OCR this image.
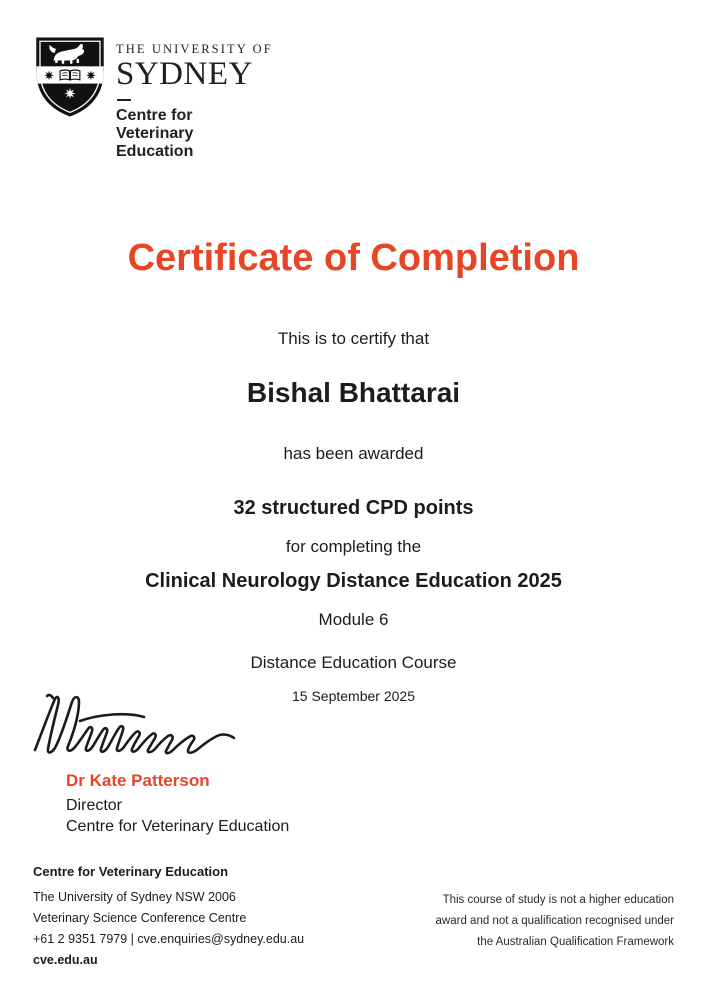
THE UNIVERSITY OF
SYDNEY
Centre for
Veterinary
Education
Certificate of Completion
This is to certify that
Bishal Bhattarai
has been awarded
32 structured CPD points
for completing the
Clinical Neurology Distance Education 2025
Module 6
Distance Education Course
15 September 2025
Dr Kate Patterson
Director
Centre for Veterinary Education
Centre for Veterinary Education
The University of Sydney NSW 2006
Veterinary Science Conference Centre
+61 2 9351 7979 | cve.enquiries@sydney.edu.au
cve.edu.au
This course of study is not a higher education
award and not a qualification recognised under
the Australian Qualification Framework
